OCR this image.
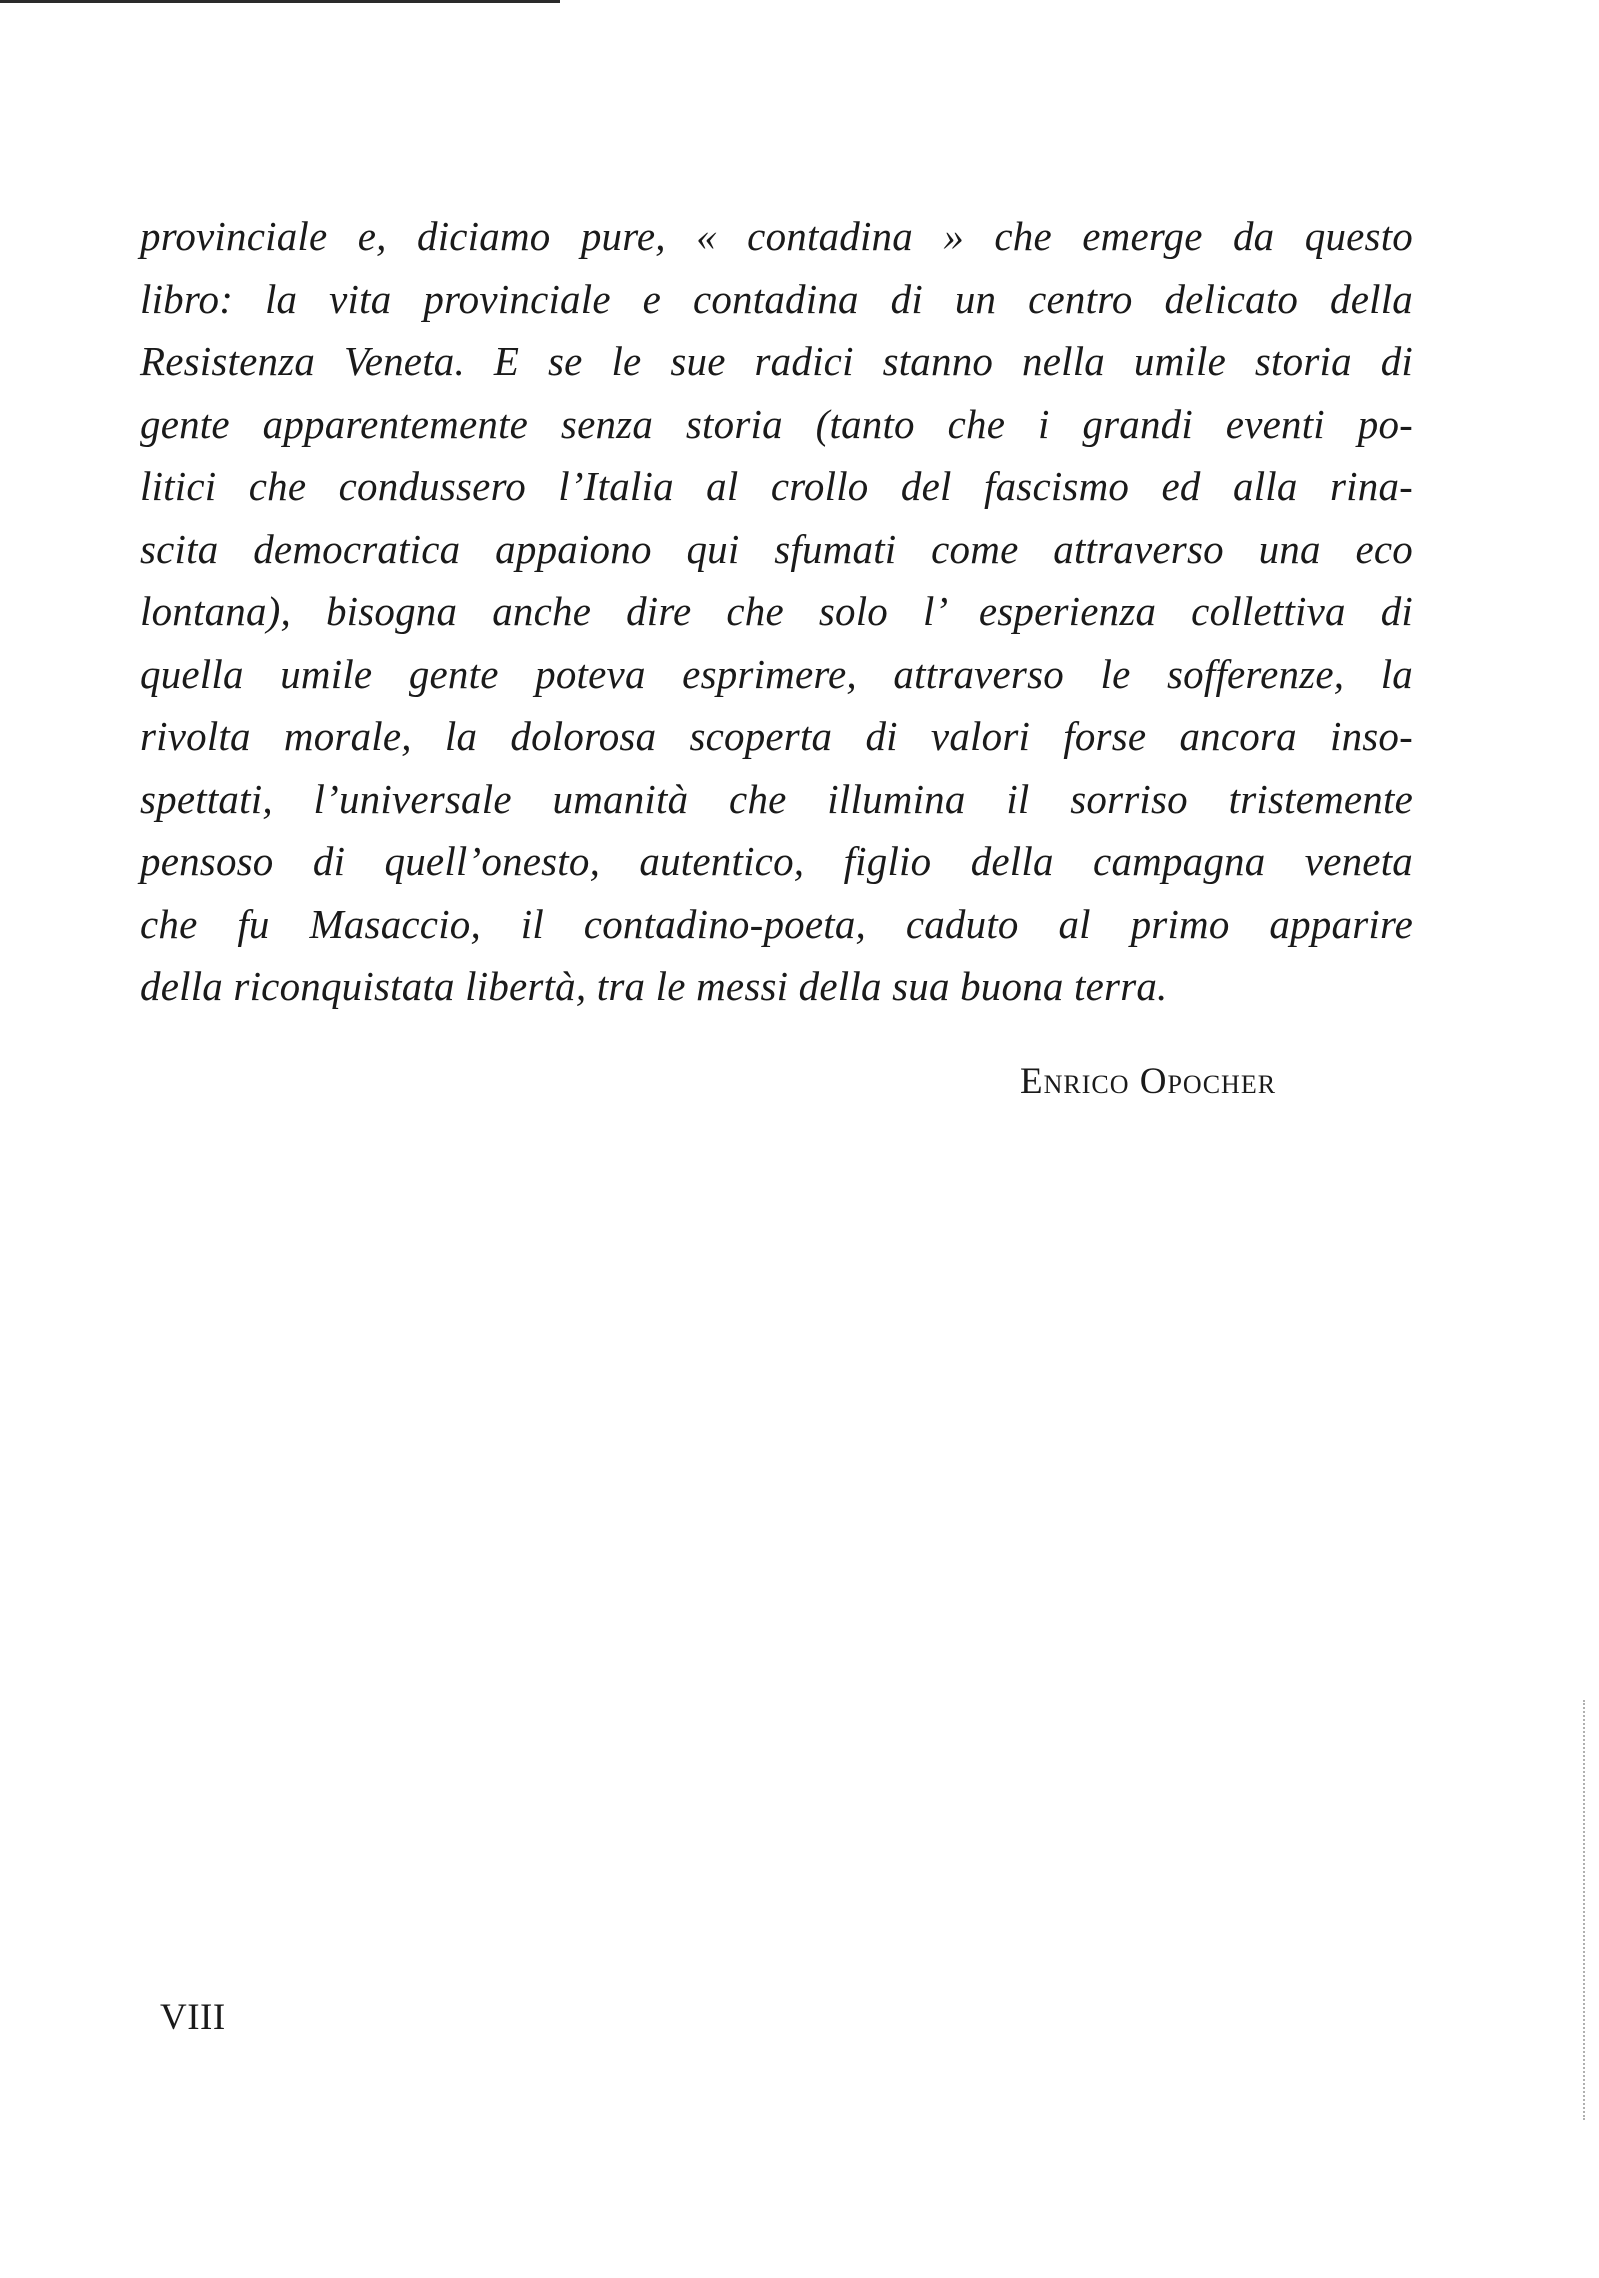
provinciale e, diciamo pure, « contadina » che emerge da questo
libro: la vita provinciale e contadina di un centro delicato della
Resistenza Veneta. E se le sue radici stanno nella umile storia di
gente apparentemente senza storia (tanto che i grandi eventi po-
litici che condussero l’Italia al crollo del fascismo ed alla rina-
scita democratica appaiono qui sfumati come attraverso una eco
lontana), bisogna anche dire che solo l’ esperienza collettiva di
quella umile gente poteva esprimere, attraverso le sofferenze, la
rivolta morale, la dolorosa scoperta di valori forse ancora inso-
spettati, l’universale umanità che illumina il sorriso tristemente
pensoso di quell’onesto, autentico, figlio della campagna veneta
che fu Masaccio, il contadino-poeta, caduto al primo apparire
della riconquistata libertà, tra le messi della sua buona terra.
Enrico Opocher
VIII
